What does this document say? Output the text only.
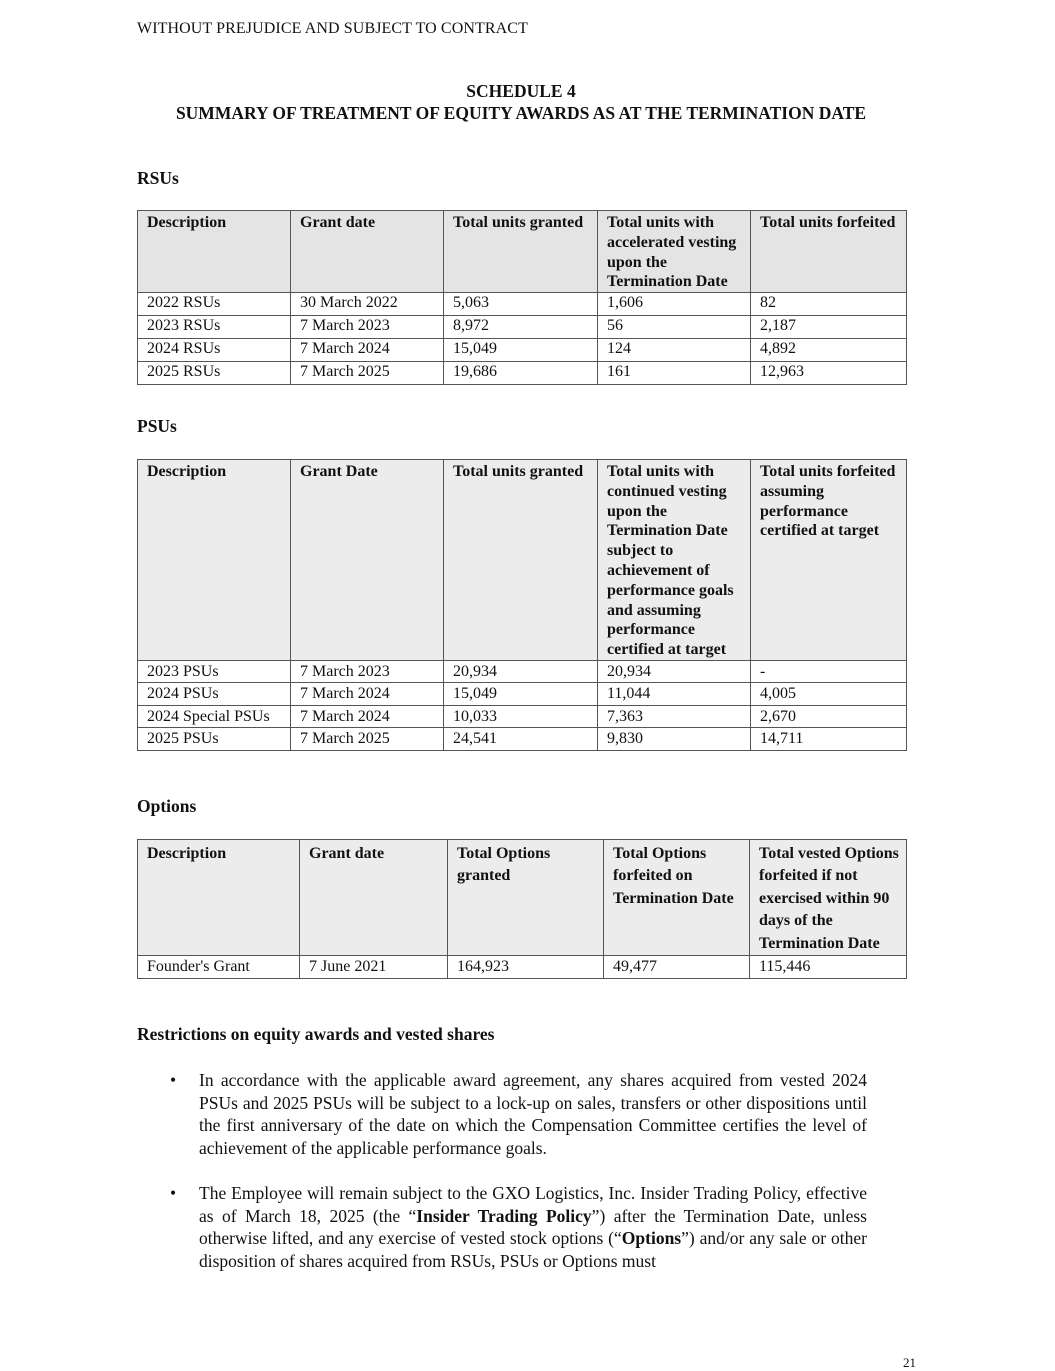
WITHOUT PREJUDICE AND SUBJECT TO CONTRACT
SCHEDULE 4
SUMMARY OF TREATMENT OF EQUITY AWARDS AS AT THE TERMINATION DATE
RSUs
Description	Grant date	Total units granted	Total units with accelerated vesting upon the Termination Date	Total units forfeited
2022 RSUs	30 March 2022	5,063	1,606	82
2023 RSUs	7 March 2023	8,972	56	2,187
2024 RSUs	7 March 2024	15,049	124	4,892
2025 RSUs	7 March 2025	19,686	161	12,963
PSUs
Description	Grant Date	Total units granted	Total units with continued vesting upon the Termination Date subject to achievement of performance goals and assuming performance certified at target	Total units forfeited assuming performance certified at target
2023 PSUs	7 March 2023	20,934	20,934	-
2024 PSUs	7 March 2024	15,049	11,044	4,005
2024 Special PSUs	7 March 2024	10,033	7,363	2,670
2025 PSUs	7 March 2025	24,541	9,830	14,711
Options
Description	Grant date	Total Options granted	Total Options forfeited on Termination Date	Total vested Options forfeited if not exercised within 90 days of the Termination Date
Founder's Grant	7 June 2021	164,923	49,477	115,446
Restrictions on equity awards and vested shares
• In accordance with the applicable award agreement, any shares acquired from vested 2024 PSUs and 2025 PSUs will be subject to a lock-up on sales, transfers or other dispositions until the first anniversary of the date on which the Compensation Committee certifies the level of achievement of the applicable performance goals.
• The Employee will remain subject to the GXO Logistics, Inc. Insider Trading Policy, effective as of March 18, 2025 (the “Insider Trading Policy”) after the Termination Date, unless otherwise lifted, and any exercise of vested stock options (“Options”) and/or any sale or other disposition of shares acquired from RSUs, PSUs or Options must
21
